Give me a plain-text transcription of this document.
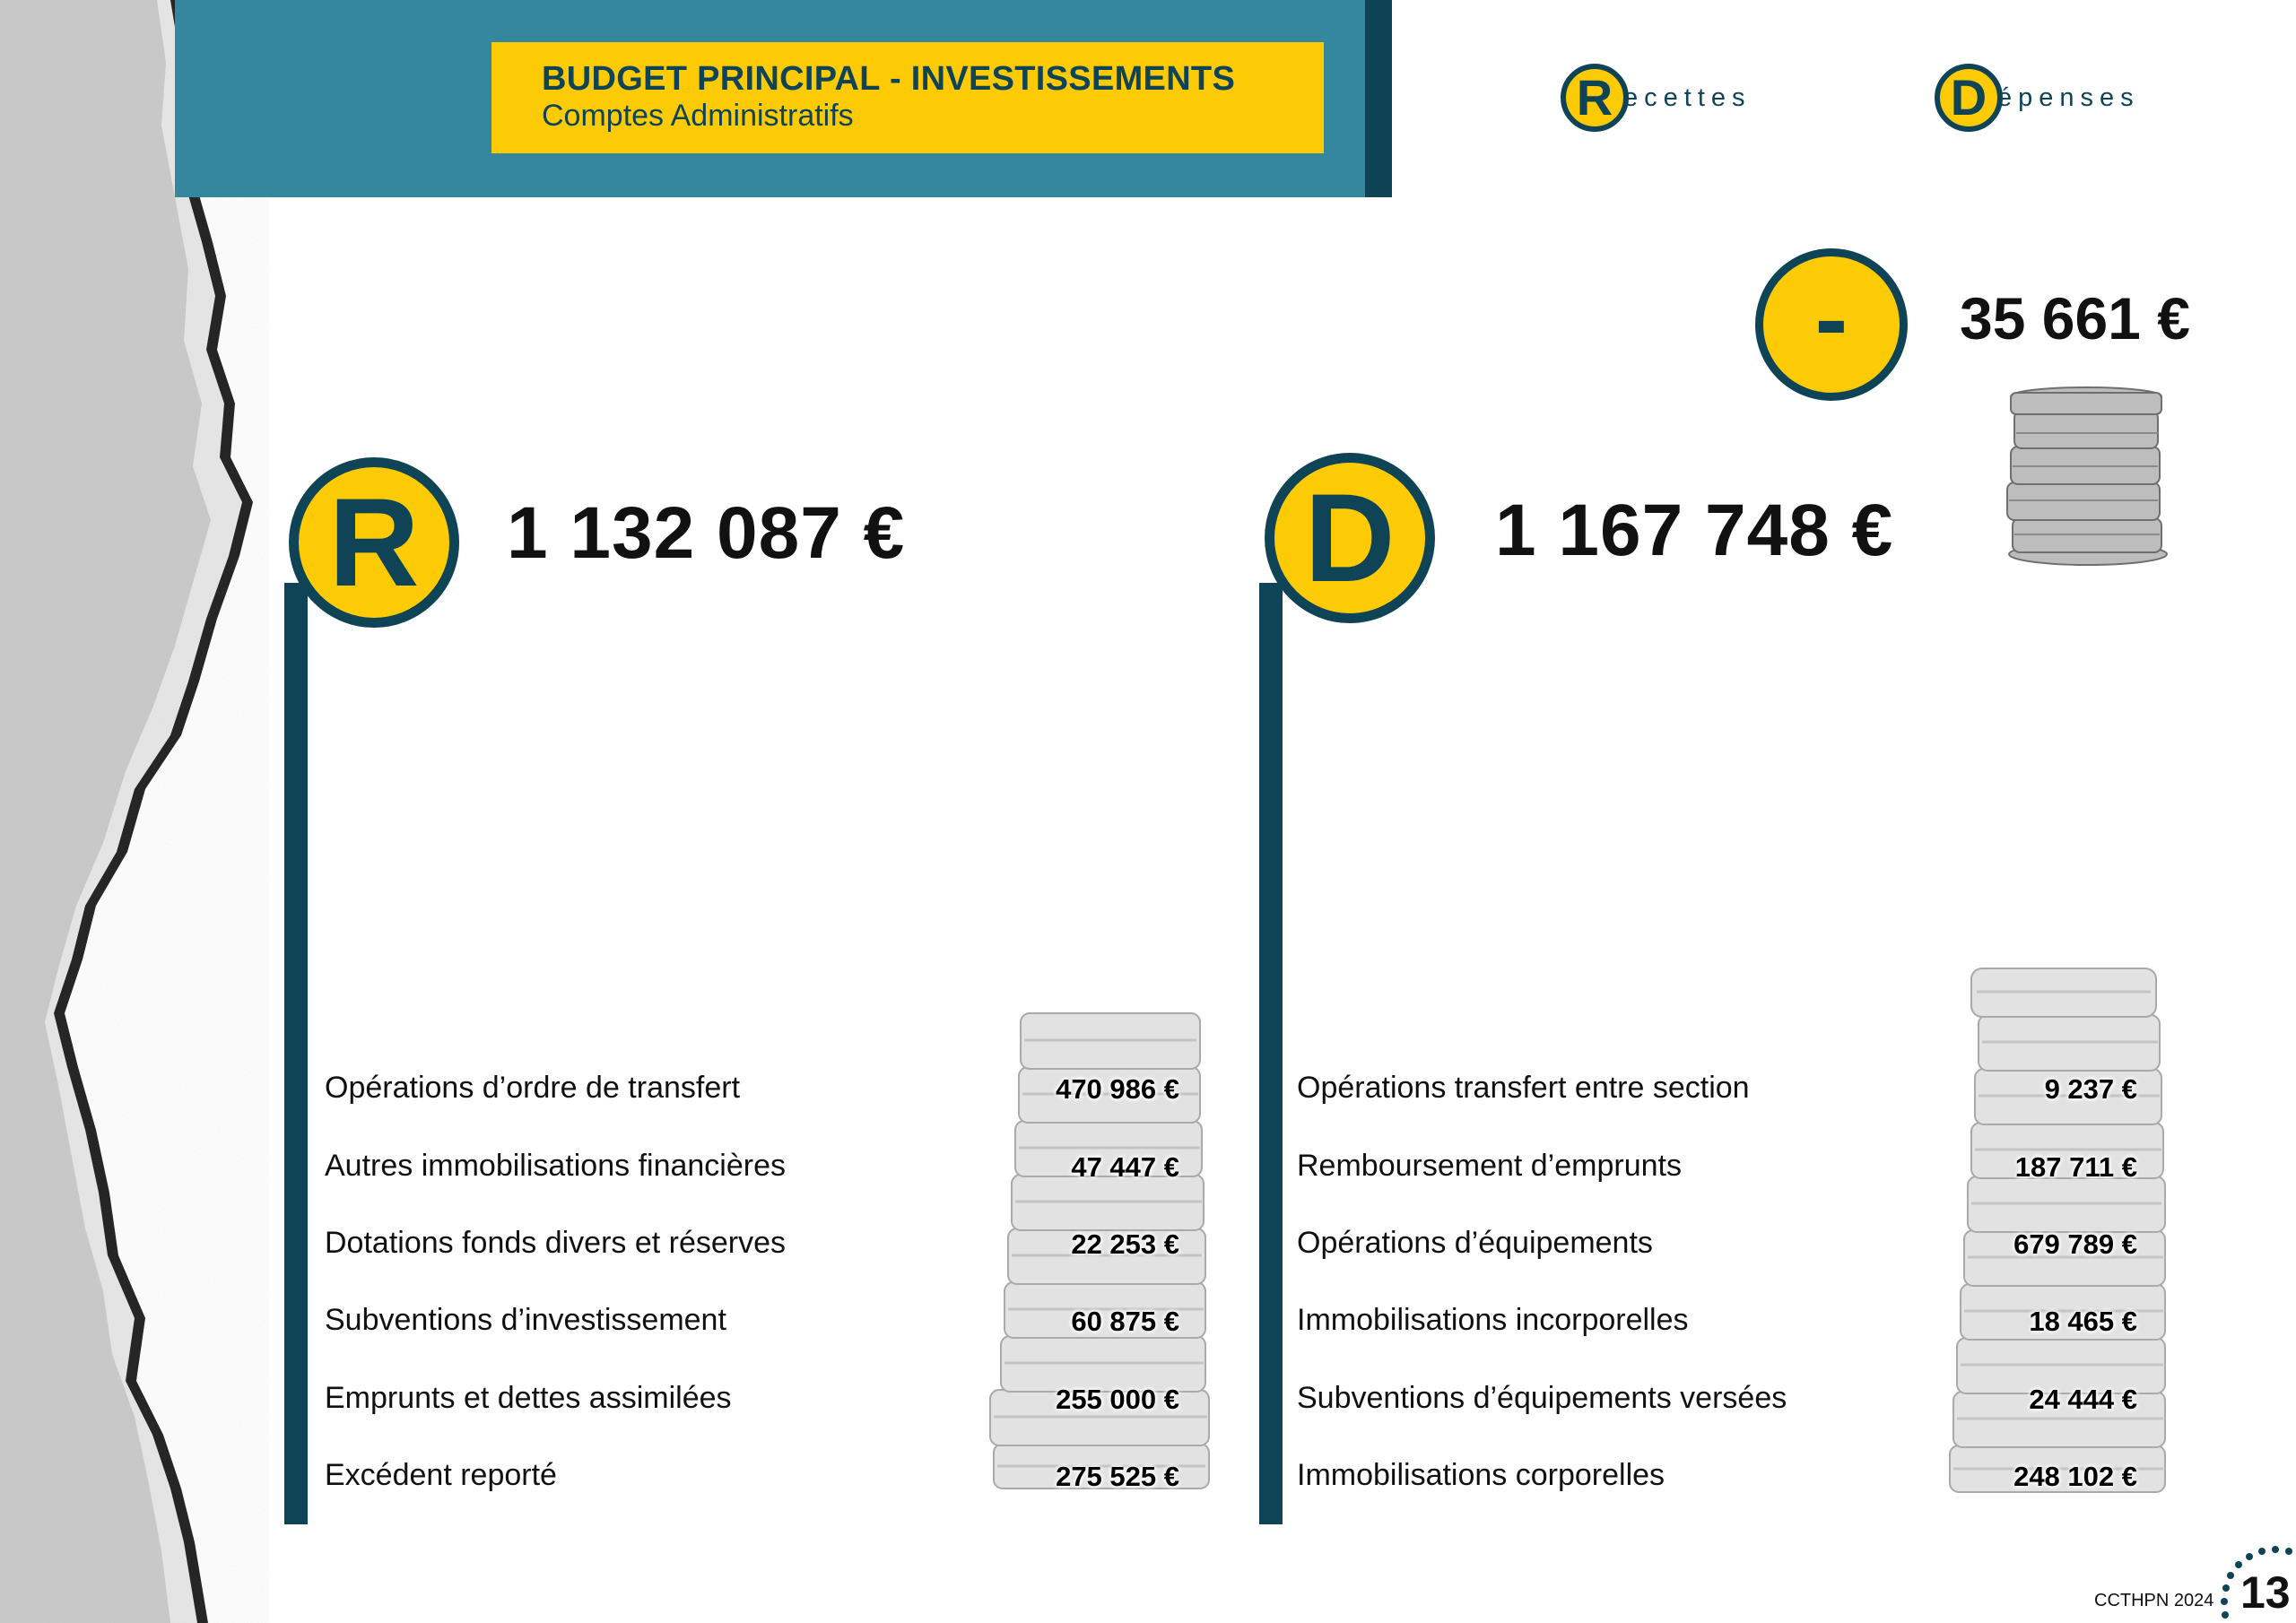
BUDGET PRINCIPAL - INVESTISSEMENTS
Comptes Administratifs	R ecettes	D épenses
-	35 661 €
R	1 132 087 €	D	1 167 748 €
Opérations d’ordre de transfert	470 986 €
Autres immobilisations financières	47 447 €
Dotations fonds divers et réserves	22 253 €
Subventions d’investissement	60 875 €
Emprunts et dettes assimilées	255 000 €
Excédent reporté	275 525 €
Opérations transfert entre section	9 237 €
Remboursement d’emprunts	187 711 €
Opérations d’équipements	679 789 €
Immobilisations incorporelles	18 465 €
Subventions d’équipements versées	24 444 €
Immobilisations corporelles	248 102 €
CCTHPN 2024 13
